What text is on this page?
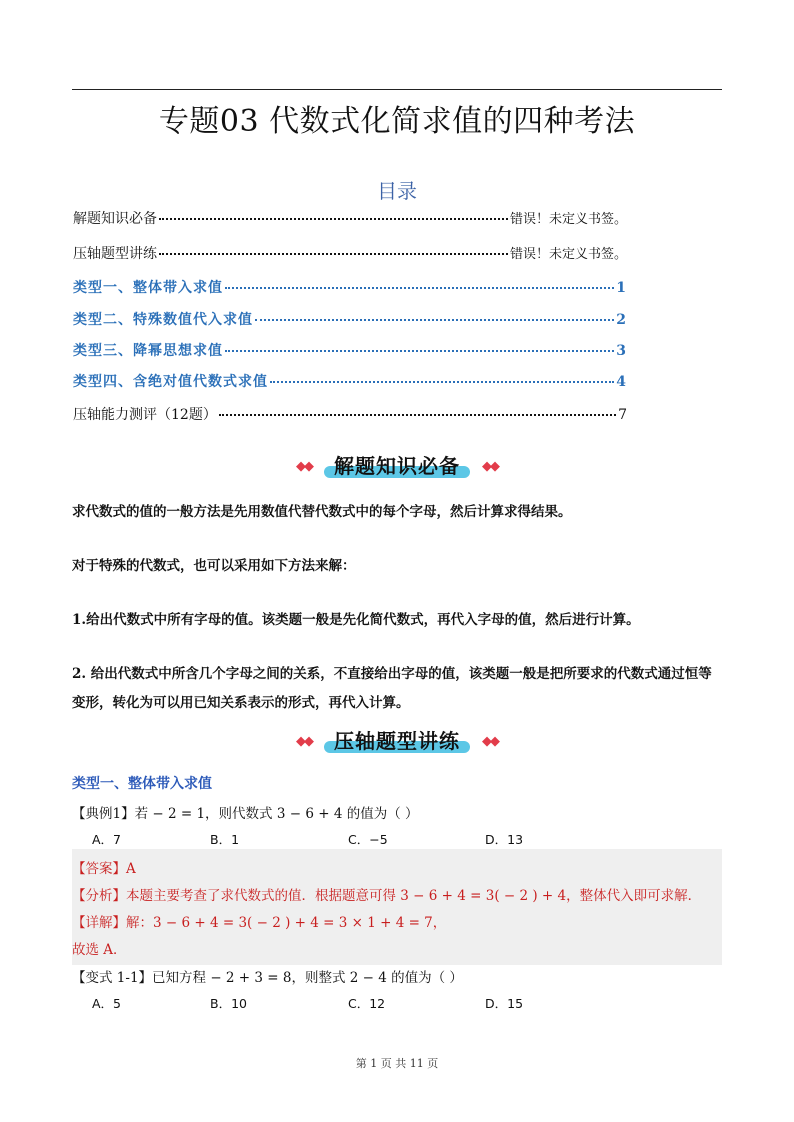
专题03 代数式化简求值的四种考法
目录
解题知识必备	错误！未定义书签。
压轴题型讲练	错误！未定义书签。
类型一、整体带入求值	1
类型二、特殊数值代入求值	2
类型三、降幂思想求值	3
类型四、含绝对值代数式求值	4
压轴能力测评（12题）	7
◆◆	解题知识必备	◆◆
求代数式的值的一般方法是先用数值代替代数式中的每个字母，然后计算求得结果。
对于特殊的代数式，也可以采用如下方法来解：
1.给出代数式中所有字母的值。该类题一般是先化简代数式，再代入字母的值，然后进行计算。
2. 给出代数式中所含几个字母之间的关系，不直接给出字母的值，该类题一般是把所要求的代数式通过恒等变形，转化为可以用已知关系表示的形式，再代入计算。
◆◆	压轴题型讲练	◆◆
类型一、整体带入求值
【典例1】若 − 2 = 1，则代数式 3 − 6 + 4 的值为（ ）
A．7	B．1	C．−5	D．13
【答案】A
【分析】本题主要考查了求代数式的值．根据题意可得 3 − 6 + 4 = 3( − 2 ) + 4，整体代入即可求解．
【详解】解：3 − 6 + 4 = 3( − 2 ) + 4 = 3 × 1 + 4 = 7，
故选 A．
【变式 1-1】已知方程 − 2 + 3 = 8，则整式 2 − 4 的值为（ ）
A．5	B．10	C．12	D．15
第 1 页 共 11 页
